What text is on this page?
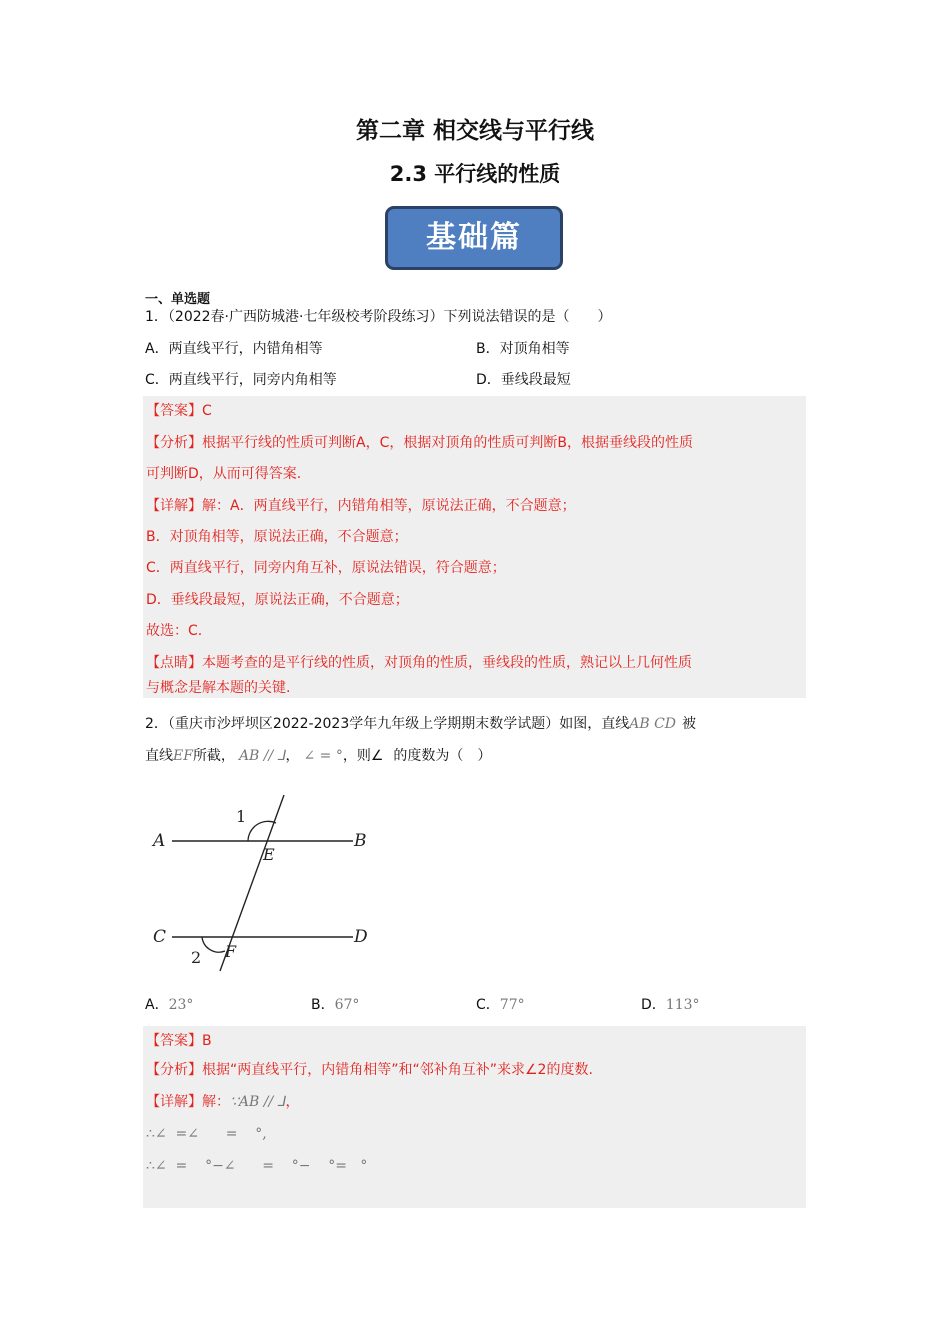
第二章 相交线与平行线
2.3 平行线的性质
基础篇
一、单选题
1．（2022春·广西防城港·七年级校考阶段练习）下列说法错误的是（　　）
A．两直线平行，内错角相等	B．对顶角相等
C．两直线平行，同旁内角相等	D．垂线段最短
【答案】C
【分析】根据平行线的性质可判断A，C，根据对顶角的性质可判断B，根据垂线段的性质
可判断D，从而可得答案.
【详解】解：A．两直线平行，内错角相等，原说法正确，不合题意；
B．对顶角相等，原说法正确，不合题意；
C．两直线平行，同旁内角互补，原说法错误，符合题意；
D．垂线段最短，原说法正确，不合题意；
故选：C.
【点睛】本题考查的是平行线的性质，对顶角的性质，垂线段的性质，熟记以上几何性质
与概念是解本题的关键.
2．（重庆市沙坪坝区2022-2023学年九年级上学期期末数学试题）如图，直线AB CD 被
直线EF所截， AB // ⅃， ∠ = °，则∠ 的度数为（　）
A	B
C	D
E
F
1
2
A．23°	B．67°	C．77°	D．113°
【答案】B
【分析】根据“两直线平行，内错角相等”和“邻补角互补”来求∠2的度数.
【详解】解：∵AB // ⅃，
∴∠  =∠      =    °,
∴∠  =    °−∠      =    °−    °=   °
